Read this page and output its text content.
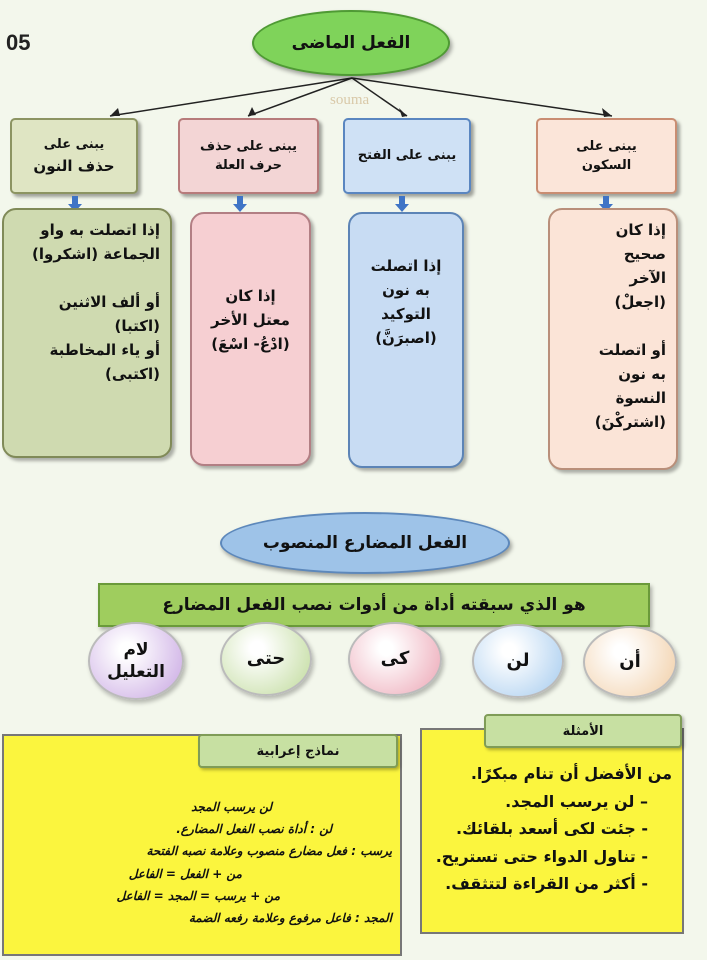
05
souma
الفعل الماضى
يبنى على
السكون
يبنى على الفتح
يبنى على حذف
حرف العلة
يبنى على
حذف النون

إذا كان

صحيح

الآخر

(اجعلْ)

أو اتصلت

به نون

النسوة

(اشتركْنَ)

إذا اتصلت
به نون
التوكيد
(اصبرَنَّ)
إذا كان
معتل الأخر
(ادْعُ- اسْعَ)

إذا اتصلت به واو

الجماعة (اشكروا)

أو ألف الاثنين

(اكتبا)

أو ياء المخاطبة

(اكتبى)

الفعل المضارع المنصوب
هو الذي سبقته أداة من أدوات نصب الفعل المضارع
أن
لن
كى
حتى
لام التعليل
لن يرسب المجد
لن : أداة نصب الفعل المضارع.
يرسب : فعل مضارع منصوب وعلامة نصبه الفتحة
من + الفعل = الفاعل
من + يرسب = المجد = الفاعل
المجد : فاعل مرفوع وعلامة رفعه الضمة
نماذج إعرابية
من الأفضل أن تنام مبكرًا.
– لن يرسب المجد.
- جئت لكى أسعد بلقائك.
- تناول الدواء حتى تستريح.
- أكثر من القراءة لتتثقف.
الأمثلة
